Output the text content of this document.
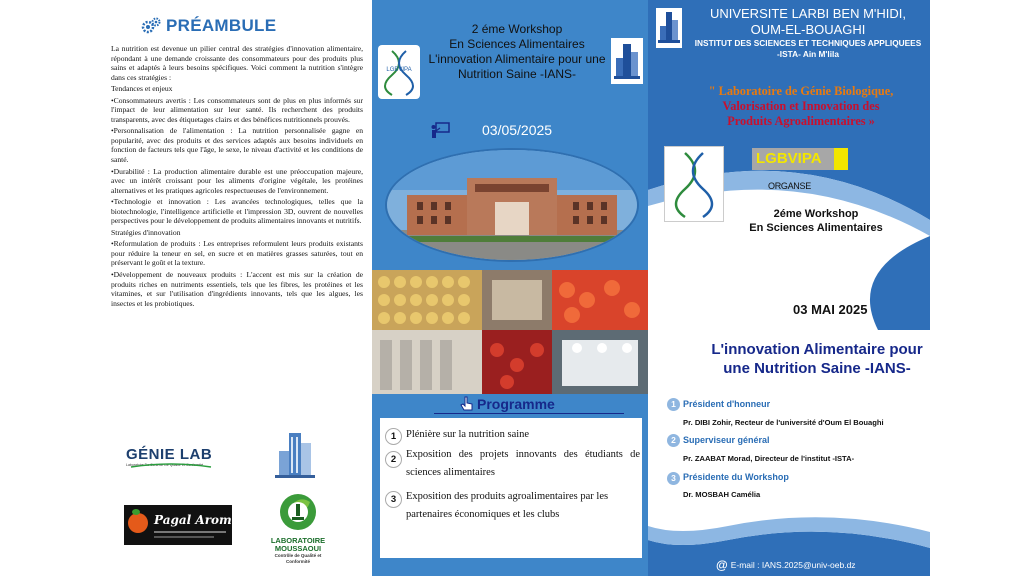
PRÉAMBULE

La nutrition est devenue un pilier central des stratégies d'innovation alimentaire, répondant à une demande croissante des consommateurs pour des produits plus sains et adaptés à leurs besoins spécifiques. Voici comment la nutrition s'intègre dans ces stratégies :

Tendances et enjeux

•Consommateurs avertis : Les consommateurs sont de plus en plus informés sur l'impact de leur alimentation sur leur santé. Ils recherchent des produits transparents, avec des étiquetages clairs et des bénéfices nutritionnels prouvés.

•Personnalisation de l'alimentation : La nutrition personnalisée gagne en popularité, avec des produits et des services adaptés aux besoins individuels en fonction de facteurs tels que l'âge, le sexe, le niveau d'activité et les conditions de santé.

•Durabilité : La production alimentaire durable est une préoccupation majeure, avec un intérêt croissant pour les aliments d'origine végétale, les protéines alternatives et les pratiques agricoles respectueuses de l'environnement.

•Technologie et innovation : Les avancées technologiques, telles que la biotechnologie, l'intelligence artificielle et l'impression 3D, ouvrent de nouvelles perspectives pour le développement de produits alimentaires innovants et nutritifs.

Stratégies d'innovation

•Reformulation de produits : Les entreprises reformulent leurs produits existants pour réduire la teneur en sel, en sucre et en matières grasses saturées, tout en préservant le goût et la texture.

•Développement de nouveaux produits : L'accent est mis sur la création de produits riches en nutriments essentiels, tels que les fibres, les protéines et les vitamines, et sur l'utilisation d'ingrédients innovants, tels que les algues, les insectes et les probiotiques.

GÉNIE LAB
Laboratoire De Contrôle De Qualité Et Conformité
Pagal Aromes
LABORATOIRE MOUSSAOUI
Contrôle de Qualité et Conformité
LGBVIPA
2 éme Workshop
En Sciences Alimentaires
L'innovation Alimentaire pour une
Nutrition Saine -IANS-
03/05/2025
Programme
1 Plénière sur la nutrition saine
2 Exposition des projets innovants des étudiants de sciences alimentaires
3 Exposition des produits agroalimentaires par les partenaires économiques et les clubs
UNIVERSITE LARBI BEN M'HIDI,
OUM-EL-BOUAGHI
INSTITUT DES SCIENCES ET TECHNIQUES APPLIQUEES
-ISTA- Ain M'lila
" Laboratoire de Génie Biologique,
Valorisation et Innovation des
Produits Agroalimentaires »
LGBVIPA
ORGANSE
2éme Workshop
En Sciences Alimentaires
03 MAI 2025
L'innovation Alimentaire pour
une Nutrition Saine -IANS-
1 Président d'honneur
Pr. DIBI Zohir, Recteur de l'université d'Oum El Bouaghi
2 Superviseur général
Pr. ZAABAT Morad, Directeur de l'institut -ISTA-
3 Présidente du Workshop
Dr. MOSBAH Camélia
@ E-mail : IANS.2025@univ-oeb.dz
